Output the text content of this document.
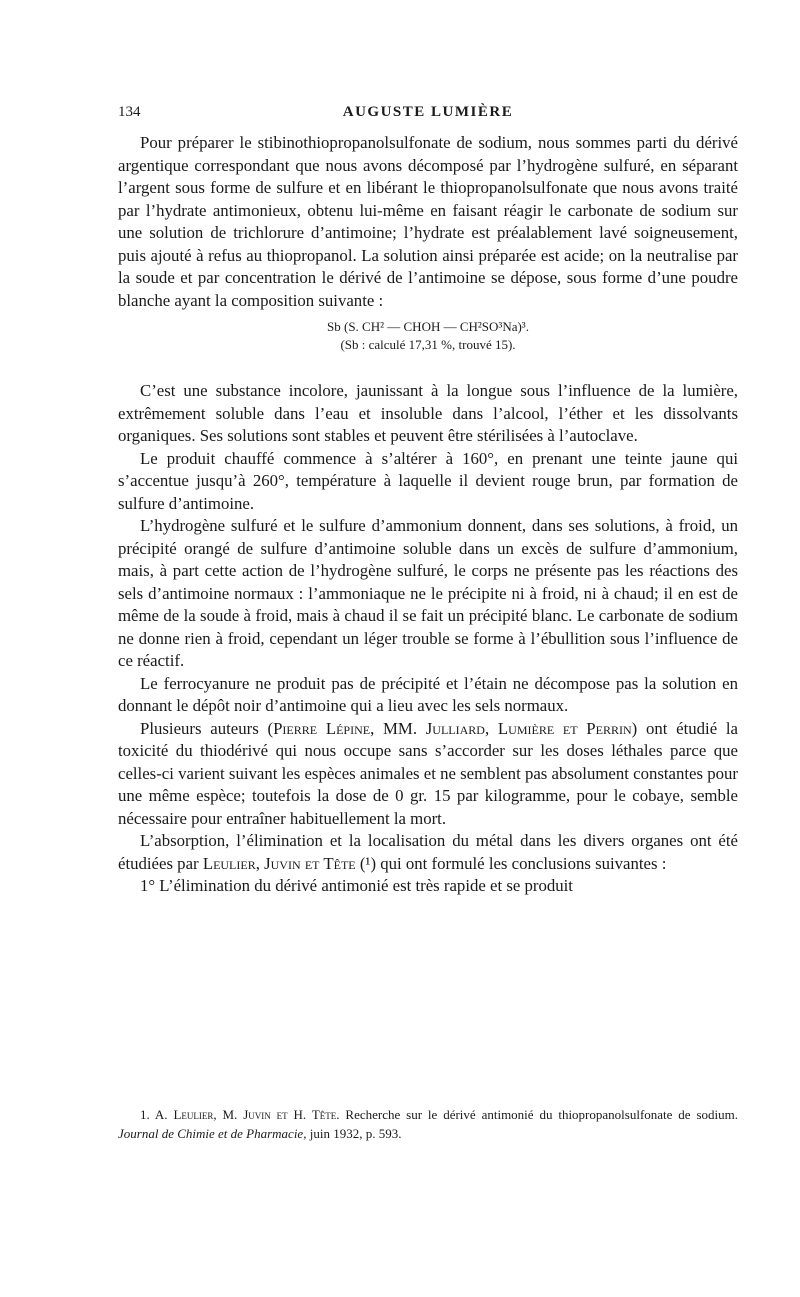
134	AUGUSTE LUMIÈRE

Pour préparer le stibinothiopropanolsulfonate de sodium, nous sommes parti du dérivé argentique correspondant que nous avons décomposé par l’hydrogène sulfuré, en séparant l’argent sous forme de sulfure et en libérant le thiopropanolsulfonate que nous avons traité par l’hydrate antimonieux, obtenu lui-même en faisant réagir le carbonate de sodium sur une solution de trichlorure d’antimoine; l’hydrate est préalablement lavé soigneusement, puis ajouté à refus au thiopropanol. La solution ainsi préparée est acide; on la neutralise par la soude et par concentration le dérivé de l’antimoine se dépose, sous forme d’une poudre blanche ayant la composition suivante :

Sb (S. CH² — CHOH — CH²SO³Na)³.
(Sb : calculé 17,31 %, trouvé 15).

C’est une substance incolore, jaunissant à la longue sous l’influence de la lumière, extrêmement soluble dans l’eau et insoluble dans l’alcool, l’éther et les dissolvants organiques. Ses solutions sont stables et peuvent être stérilisées à l’autoclave.

Le produit chauffé commence à s’altérer à 160°, en prenant une teinte jaune qui s’accentue jusqu’à 260°, température à laquelle il devient rouge brun, par formation de sulfure d’antimoine.

L’hydrogène sulfuré et le sulfure d’ammonium donnent, dans ses solutions, à froid, un précipité orangé de sulfure d’antimoine soluble dans un excès de sulfure d’ammonium, mais, à part cette action de l’hydrogène sulfuré, le corps ne présente pas les réactions des sels d’antimoine normaux : l’ammoniaque ne le précipite ni à froid, ni à chaud; il en est de même de la soude à froid, mais à chaud il se fait un précipité blanc. Le carbonate de sodium ne donne rien à froid, cependant un léger trouble se forme à l’ébullition sous l’influence de ce réactif.

Le ferrocyanure ne produit pas de précipité et l’étain ne décompose pas la solution en donnant le dépôt noir d’antimoine qui a lieu avec les sels normaux.

Plusieurs auteurs (Pierre Lépine, MM. Julliard, Lumière et Perrin) ont étudié la toxicité du thiodérivé qui nous occupe sans s’accorder sur les doses léthales parce que celles-ci varient suivant les espèces animales et ne semblent pas absolument constantes pour une même espèce; toutefois la dose de 0 gr. 15 par kilogramme, pour le cobaye, semble nécessaire pour entraîner habituellement la mort.

L’absorption, l’élimination et la localisation du métal dans les divers organes ont été étudiées par Leulier, Juvin et Tête (¹) qui ont formulé les conclusions suivantes :

1° L’élimination du dérivé antimonié est très rapide et se produit

1. A. Leulier, M. Juvin et H. Tête. Recherche sur le dérivé antimonié du thiopropanolsulfonate de sodium. Journal de Chimie et de Pharmacie, juin 1932, p. 593.
